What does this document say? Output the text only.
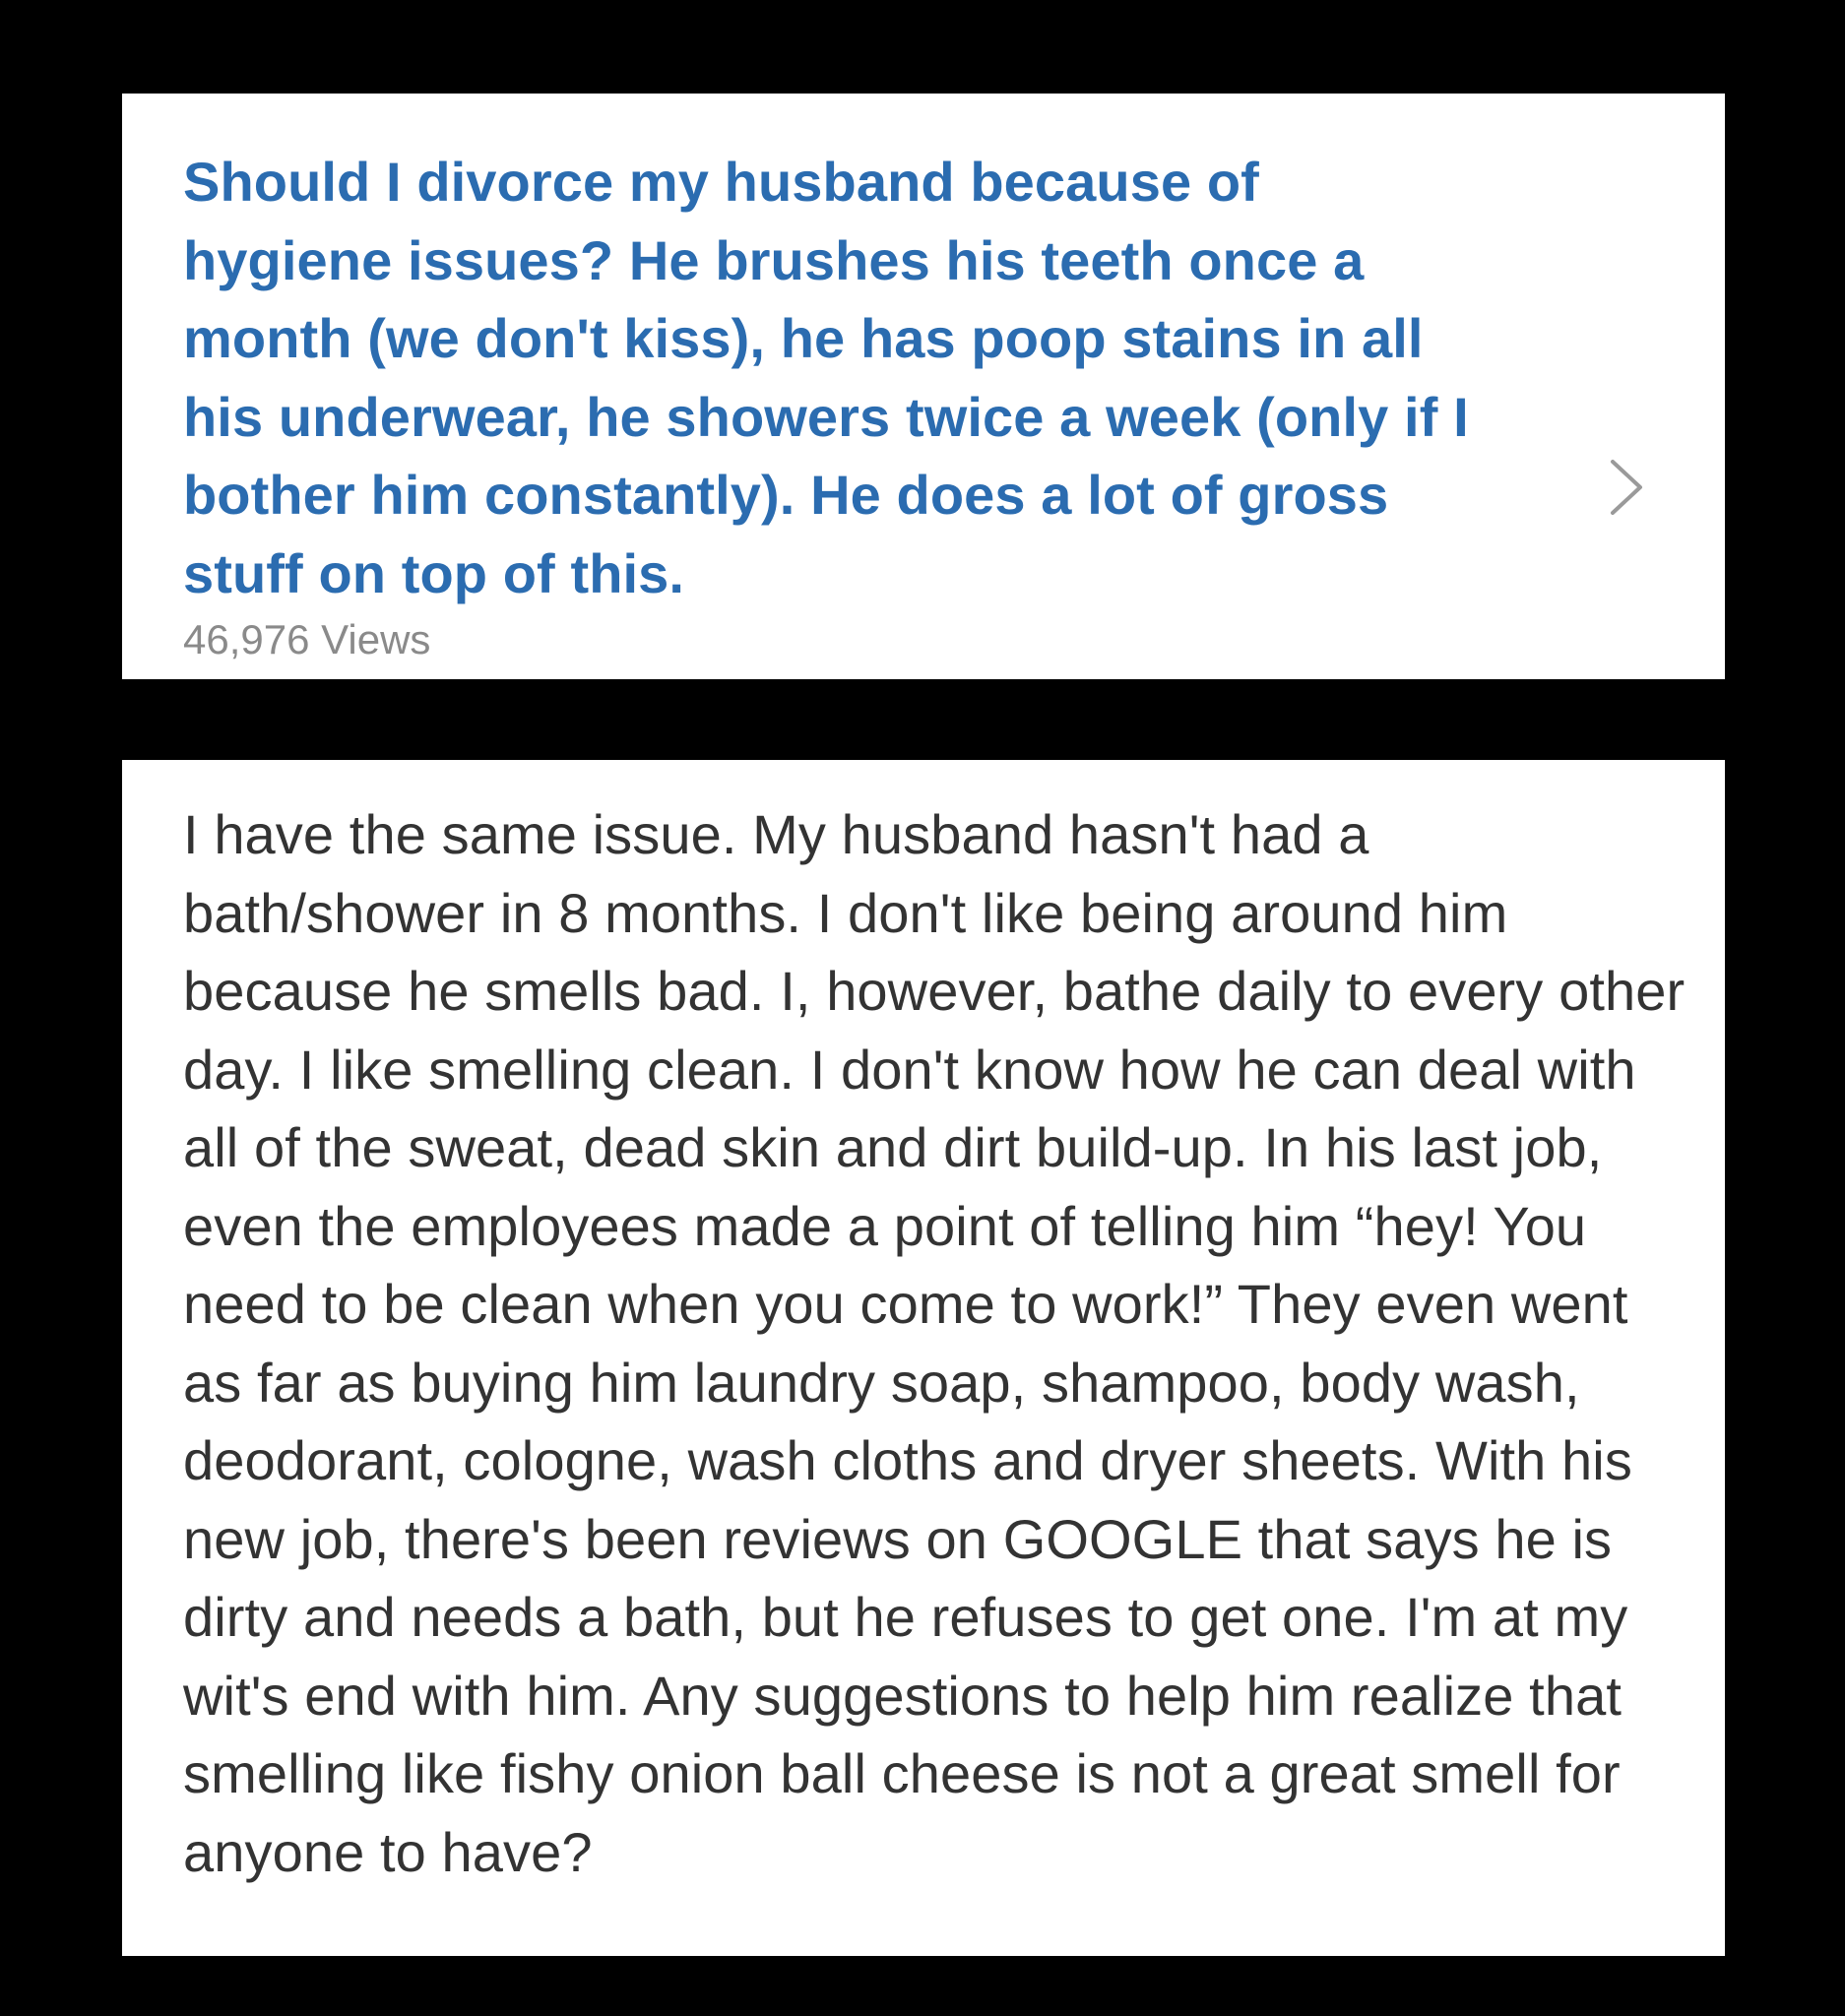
Should I divorce my husband because of hygiene issues? He brushes his teeth once a month (we don't kiss), he has poop stains in all his underwear, he showers twice a week (only if I bother him constantly). He does a lot of gross stuff on top of this.

46,976 Views

I have the same issue. My husband hasn't had a bath/shower in 8 months. I don't like being around him because he smells bad. I, however, bathe daily to every other day. I like smelling clean. I don't know how he can deal with all of the sweat, dead skin and dirt build-up. In his last job, even the employees made a point of telling him “hey! You need to be clean when you come to work!” They even went as far as buying him laundry soap, shampoo, body wash, deodorant, cologne, wash cloths and dryer sheets. With his new job, there's been reviews on GOOGLE that says he is dirty and needs a bath, but he refuses to get one. I'm at my wit's end with him. Any suggestions to help him realize that smelling like fishy onion ball cheese is not a great smell for anyone to have?
